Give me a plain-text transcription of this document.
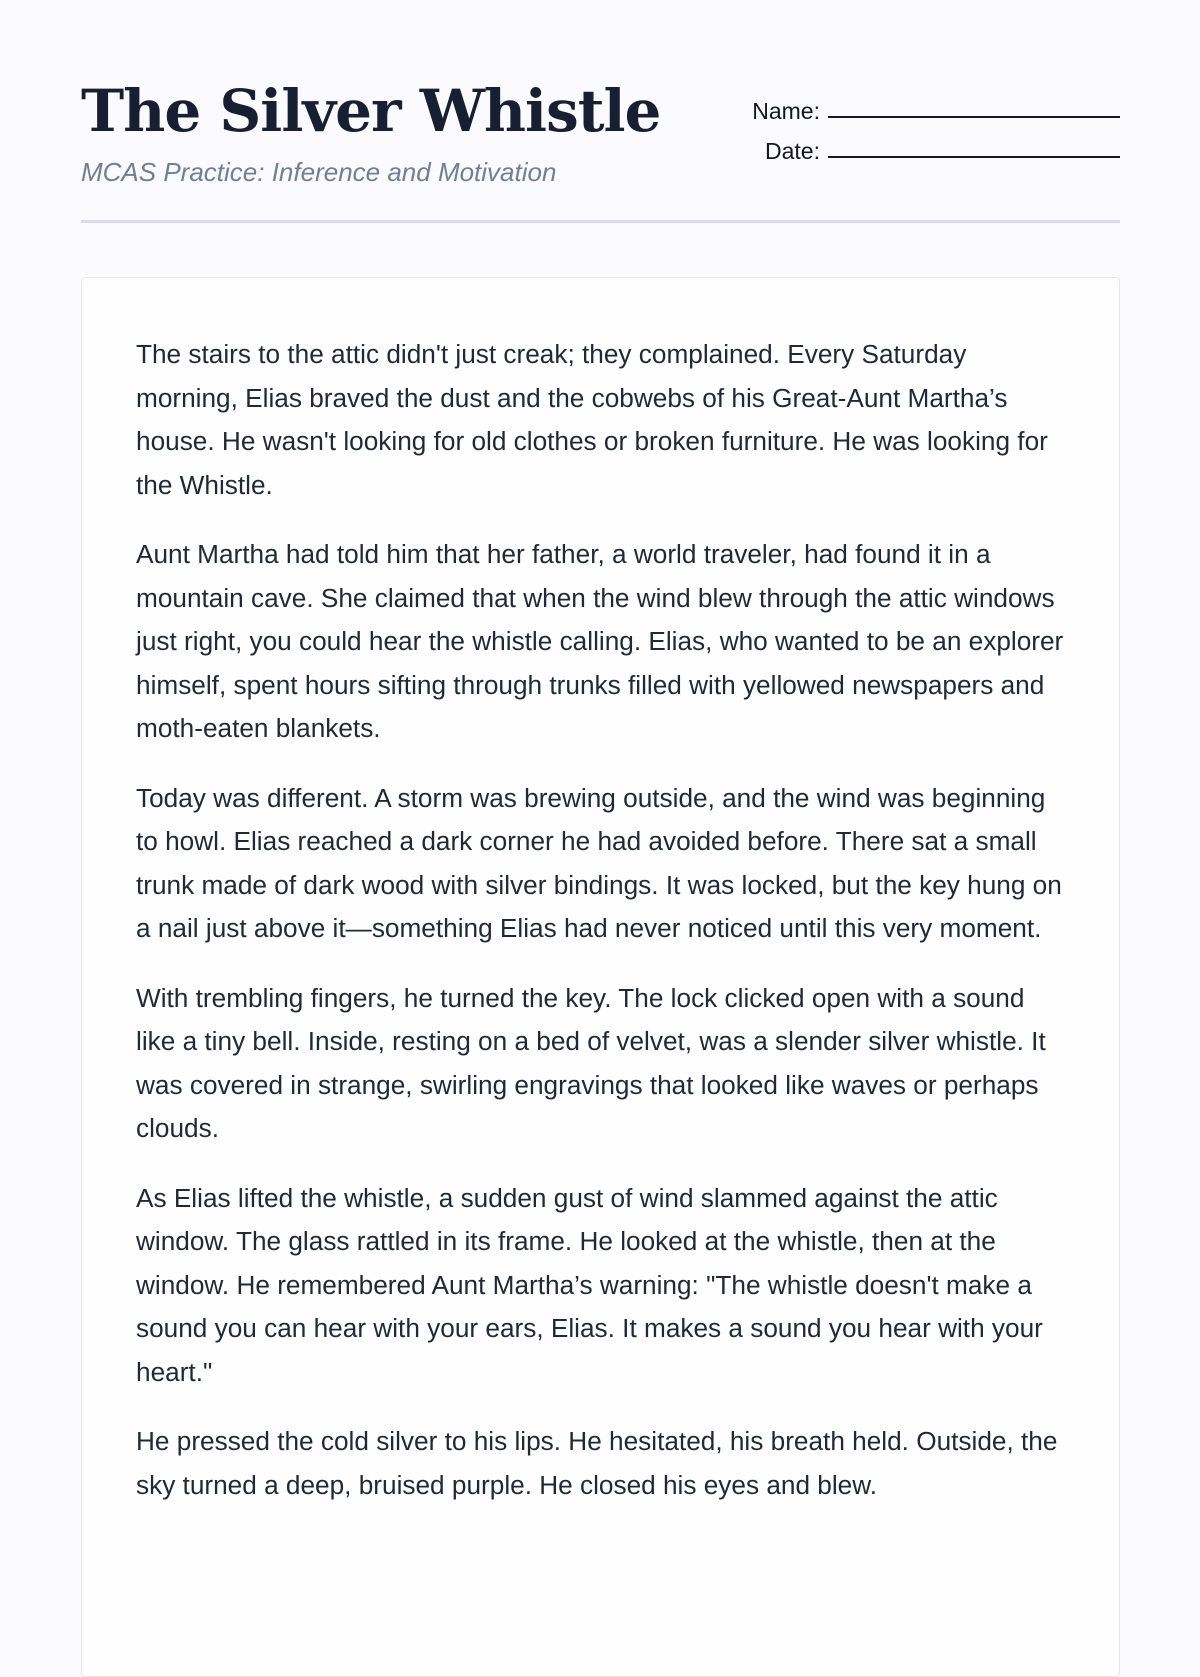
The Silver Whistle
MCAS Practice: Inference and Motivation
Name:
Date:

The stairs to the attic didn't just creak; they complained. Every Saturday morning, Elias braved the dust and the cobwebs of his Great-Aunt Martha’s house. He wasn't looking for old clothes or broken furniture. He was looking for the Whistle.

Aunt Martha had told him that her father, a world traveler, had found it in a mountain cave. She claimed that when the wind blew through the attic windows just right, you could hear the whistle calling. Elias, who wanted to be an explorer himself, spent hours sifting through trunks filled with yellowed newspapers and moth-eaten blankets.

Today was different. A storm was brewing outside, and the wind was beginning to howl. Elias reached a dark corner he had avoided before. There sat a small trunk made of dark wood with silver bindings. It was locked, but the key hung on a nail just above it—something Elias had never noticed until this very moment.

With trembling fingers, he turned the key. The lock clicked open with a sound like a tiny bell. Inside, resting on a bed of velvet, was a slender silver whistle. It was covered in strange, swirling engravings that looked like waves or perhaps clouds.

As Elias lifted the whistle, a sudden gust of wind slammed against the attic window. The glass rattled in its frame. He looked at the whistle, then at the window. He remembered Aunt Martha’s warning: "The whistle doesn't make a sound you can hear with your ears, Elias. It makes a sound you hear with your heart."

He pressed the cold silver to his lips. He hesitated, his breath held. Outside, the sky turned a deep, bruised purple. He closed his eyes and blew.
